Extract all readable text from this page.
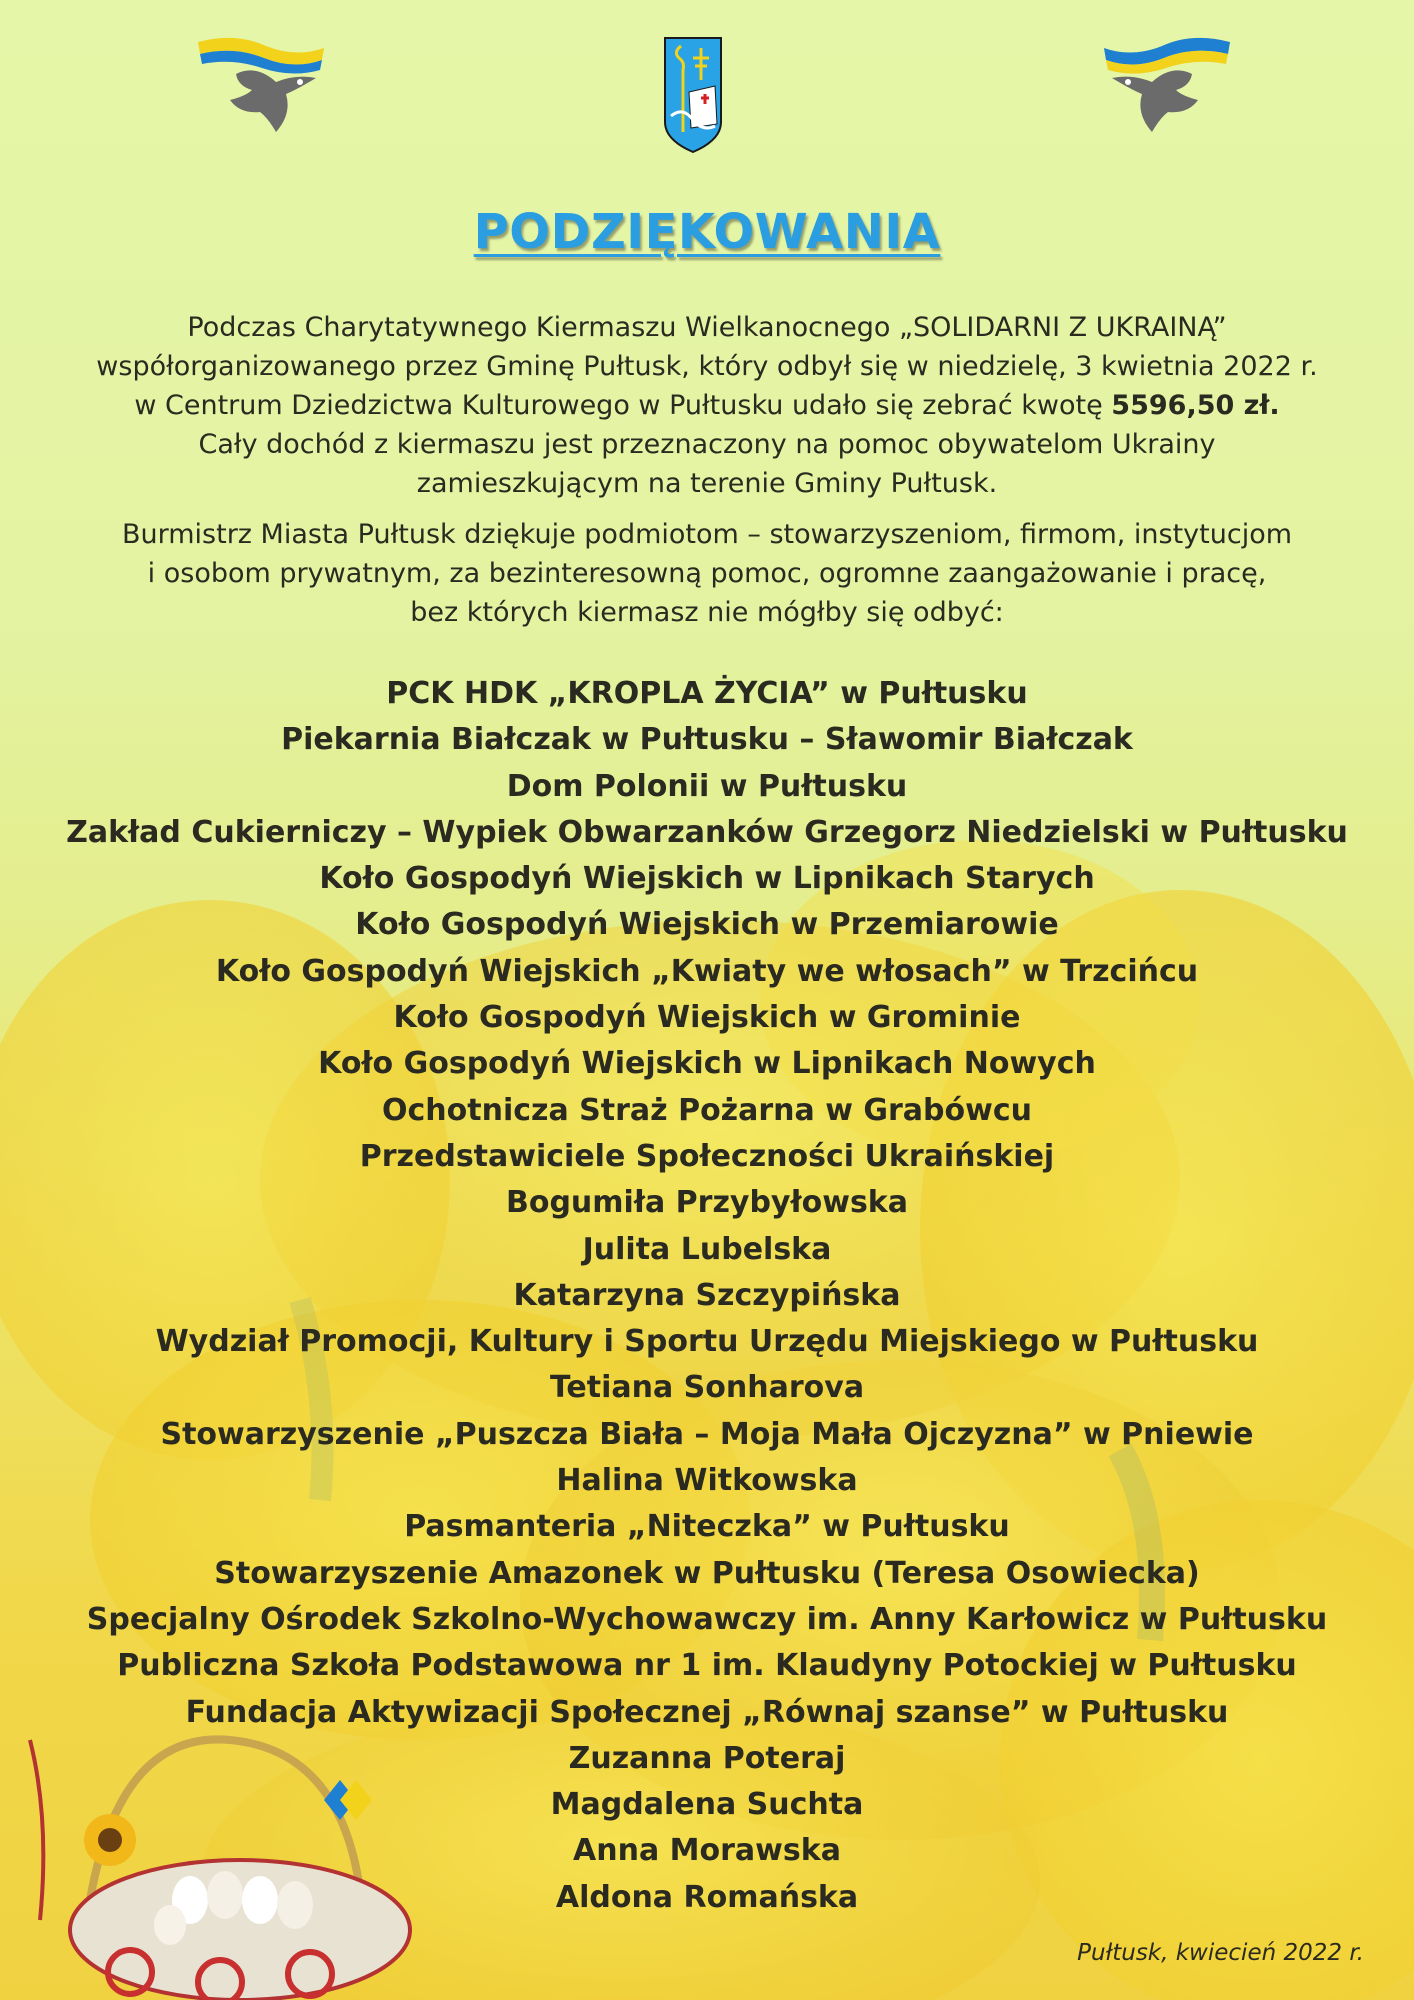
PODZIĘKOWANIA

Podczas Charytatywnego Kiermaszu Wielkanocnego „SOLIDARNI Z UKRAINĄ”
współorganizowanego przez Gminę Pułtusk, który odbył się w niedzielę, 3 kwietnia 2022 r.
w Centrum Dziedzictwa Kulturowego w Pułtusku udało się zebrać kwotę 5596,50 zł.
Cały dochód z kiermaszu jest przeznaczony na pomoc obywatelom Ukrainy
zamieszkującym na terenie Gminy Pułtusk.

Burmistrz Miasta Pułtusk dziękuje podmiotom – stowarzyszeniom, firmom, instytucjom
i osobom prywatnym, za bezinteresowną pomoc, ogromne zaangażowanie i pracę,
bez których kiermasz nie mógłby się odbyć:

PCK HDK „KROPLA ŻYCIA” w Pułtusku
Piekarnia Białczak w Pułtusku – Sławomir Białczak
Dom Polonii w Pułtusku
Zakład Cukierniczy – Wypiek Obwarzanków Grzegorz Niedzielski w Pułtusku
Koło Gospodyń Wiejskich w Lipnikach Starych
Koło Gospodyń Wiejskich w Przemiarowie
Koło Gospodyń Wiejskich „Kwiaty we włosach” w Trzcińcu
Koło Gospodyń Wiejskich w Grominie
Koło Gospodyń Wiejskich w Lipnikach Nowych
Ochotnicza Straż Pożarna w Grabówcu
Przedstawiciele Społeczności Ukraińskiej
Bogumiła Przybyłowska
Julita Lubelska
Katarzyna Szczypińska
Wydział Promocji, Kultury i Sportu Urzędu Miejskiego w Pułtusku
Tetiana Sonharova
Stowarzyszenie „Puszcza Biała – Moja Mała Ojczyzna” w Pniewie
Halina Witkowska
Pasmanteria „Niteczka” w Pułtusku
Stowarzyszenie Amazonek w Pułtusku (Teresa Osowiecka)
Specjalny Ośrodek Szkolno-Wychowawczy im. Anny Karłowicz w Pułtusku
Publiczna Szkoła Podstawowa nr 1 im. Klaudyny Potockiej w Pułtusku
Fundacja Aktywizacji Społecznej „Równaj szanse” w Pułtusku
Zuzanna Poteraj
Magdalena Suchta
Anna Morawska
Aldona Romańska
Pułtusk, kwiecień 2022 r.
